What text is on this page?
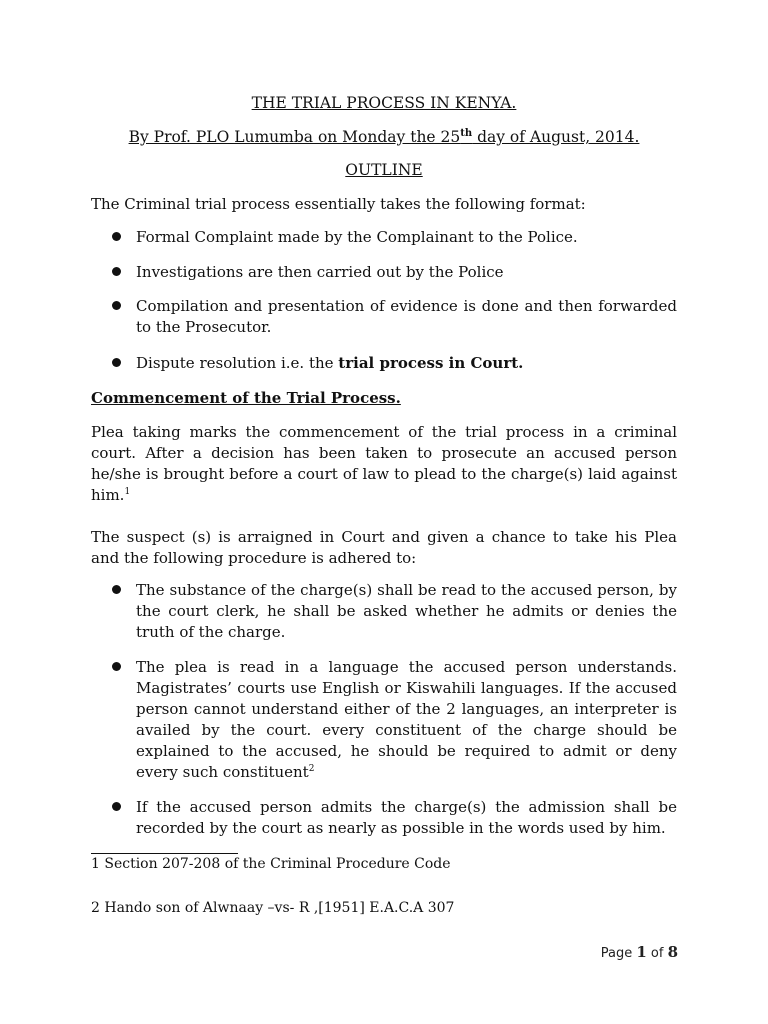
THE TRIAL PROCESS IN KENYA.
By Prof. PLO Lumumba on Monday the 25th day of August, 2014.
OUTLINE
The Criminal trial process essentially takes the following format:
Formal Complaint made by the Complainant to the Police.
Investigations are then carried out by the Police
Compilation and presentation of evidence is done and then forwarded to the Prosecutor.
Dispute resolution i.e. the trial process in Court.
Commencement of the Trial Process.
Plea taking marks the commencement of the trial process in a criminal court. After a decision has been taken to prosecute an accused person he/she is brought before a court of law to plead to the charge(s) laid against him.$^1$
The suspect (s) is arraigned in Court and given a chance to take his Plea and the following procedure is adhered to:
The substance of the charge(s) shall be read to the accused person, by the court clerk, he shall be asked whether he admits or denies the truth of the charge.
The plea is read in a language the accused person understands. Magistrates’ courts use English or Kiswahili languages. If the accused person cannot understand either of the 2 languages, an interpreter is availed by the court. every constituent of the charge should be explained to the accused, he should be required to admit or deny every such constituent$^2$
If the accused person admits the charge(s) the admission shall be recorded by the court as nearly as possible in the words used by him.
1 Section 207-208 of the Criminal Procedure Code
2 Hando son of Alwnaay –vs- R ,[1951] E.A.C.A 307
Page 1 of 8
